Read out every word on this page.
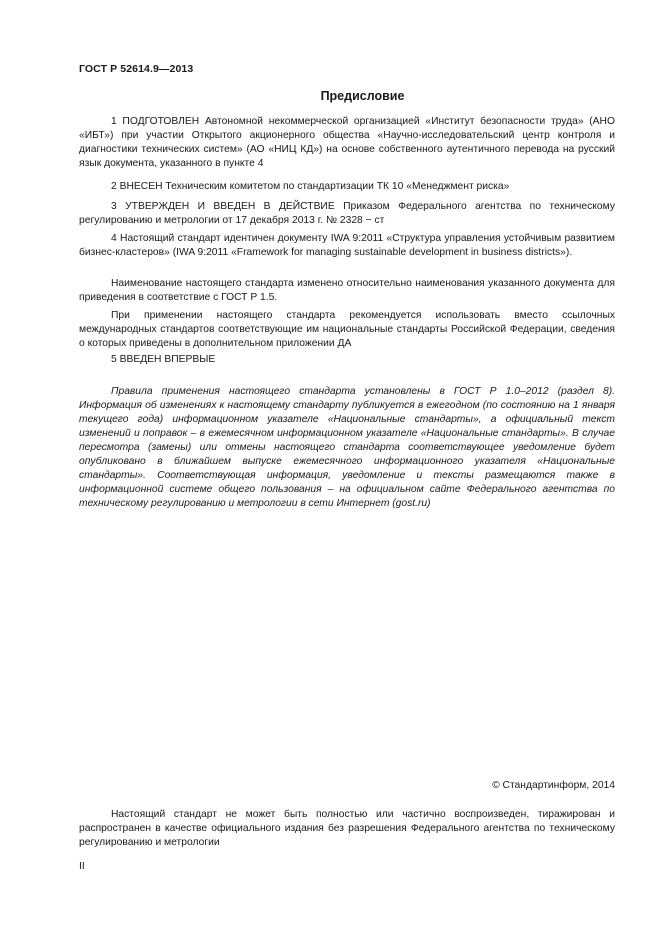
ГОСТ Р 52614.9—2013
Предисловие

1 ПОДГОТОВЛЕН Автономной некоммерческой организацией «Институт безопасности труда» (АНО «ИБТ») при участии Открытого акционерного общества «Научно-исследовательский центр контроля и диагностики технических систем» (АО «НИЦ КД») на основе собственного аутентичного перевода на русский язык документа, указанного в пункте 4

2 ВНЕСЕН Техническим комитетом по стандартизации ТК 10 «Менеджмент риска»

3 УТВЕРЖДЕН И ВВЕДЕН В ДЕЙСТВИЕ Приказом Федерального агентства по техническому регулированию и метрологии от 17 декабря 2013 г. № 2328 − ст

4 Настоящий стандарт идентичен документу IWA 9:2011 «Структура управления устойчивым развитием бизнес-кластеров» (IWA 9:2011 «Framework for managing sustainable development in business districts»).

Наименование настоящего стандарта изменено относительно наименования указанного документа для приведения в соответствие с ГОСТ Р 1.5.

При применении настоящего стандарта рекомендуется использовать вместо ссылочных международных стандартов соответствующие им национальные стандарты Российской Федерации, сведения о которых приведены в дополнительном приложении ДА

5 ВВЕДЕН ВПЕРВЫЕ

Правила применения настоящего стандарта установлены в ГОСТ Р 1.0–2012 (раздел 8). Информация об изменениях к настоящему стандарту публикуется в ежегодном (по состоянию на 1 января текущего года) информационном указателе «Национальные стандарты», а официальный текст изменений и поправок – в ежемесячном информационном указателе «Национальные стандарты». В случае пересмотра (замены) или отмены настоящего стандарта соответствующее уведомление будет опубликовано в ближайшем выпуске ежемесячного информационного указателя «Национальные стандарты». Соответствующая информация, уведомление и тексты размещаются также в информационной системе общего пользования – на официальном сайте Федерального агентства по техническому регулированию и метрологии в сети Интернет (gost.ru)

© Стандартинформ, 2014

Настоящий стандарт не может быть полностью или частично воспроизведен, тиражирован и распространен в качестве официального издания без разрешения Федерального агентства по техническому регулированию и метрологии

II
